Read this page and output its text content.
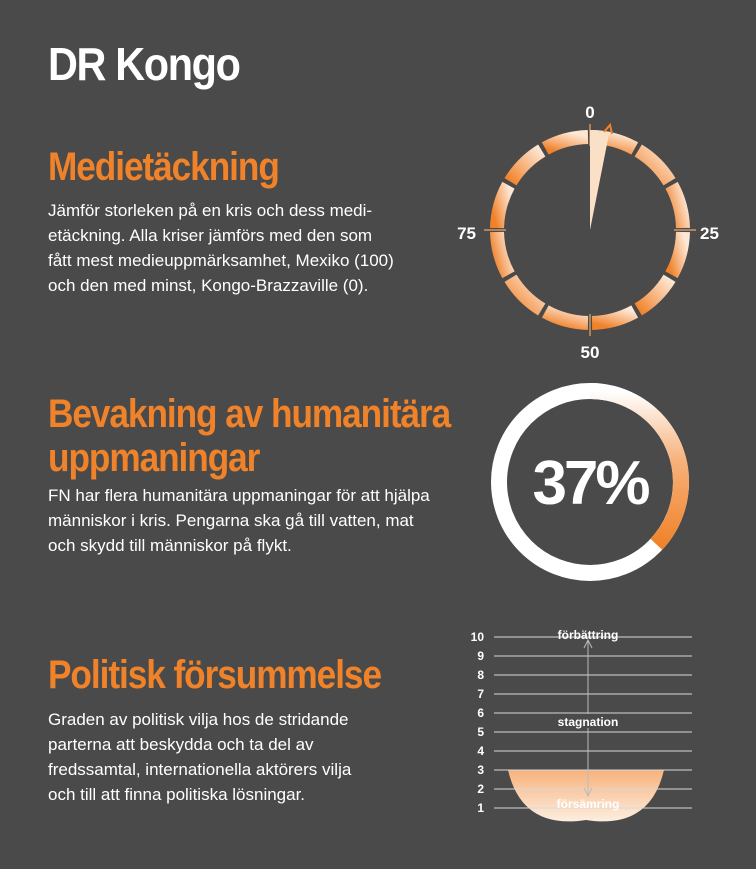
DR Kongo
Medietäckning

Jämför storleken på en kris och dess medi-
etäckning. Alla kriser jämförs med den som
fått mest medieuppmärksamhet, Mexiko (100)
och den med minst, Kongo-Brazzaville (0).

0
25
50
75
Bevakning av humanitära
uppmaningar

FN har flera humanitära uppmaningar för att hjälpa
människor i kris. Pengarna ska gå till vatten, mat
och skydd till människor på flykt.

37%
Politisk försummelse

Graden av politisk vilja hos de stridande
parterna att beskydda och ta del av
fredssamtal, internationella aktörers vilja
och till att finna politiska lösningar.

10
9
8
7
6
5
4
3
2
1
förbättring
stagnation
försämring
